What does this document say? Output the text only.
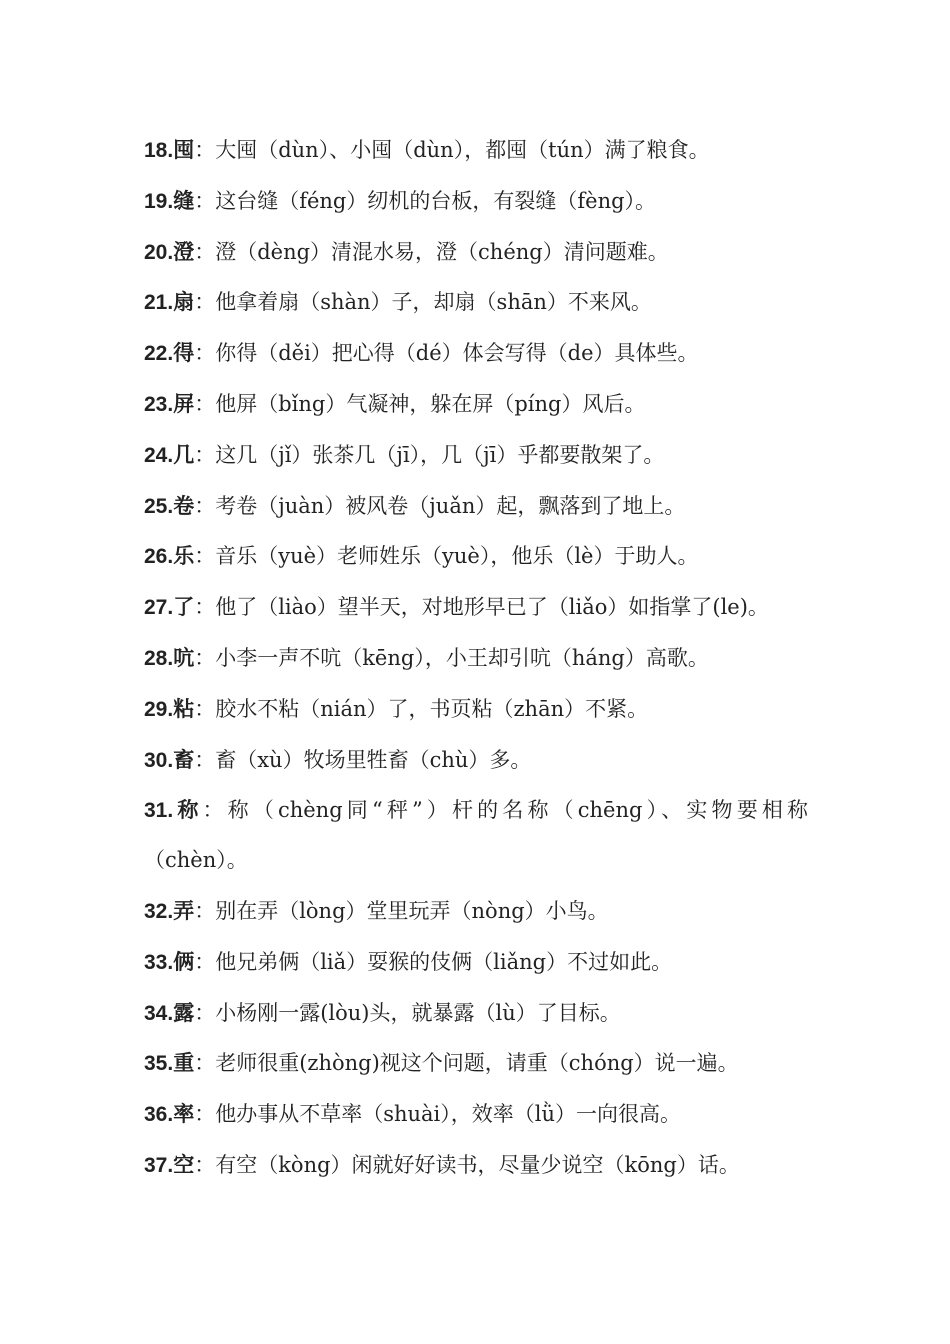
18.囤：大囤（dùn）、小囤（dùn），都囤（tún）满了粮食。

19.缝：这台缝（féng）纫机的台板，有裂缝（fèng）。

20.澄：澄（dèng）清混水易，澄（chéng）清问题难。

21.扇：他拿着扇（shàn）子，却扇（shān）不来风。

22.得：你得（děi）把心得（dé）体会写得（de）具体些。

23.屏：他屏（bǐng）气凝神，躲在屏（píng）风后。

24.几：这几（jǐ）张茶几（jī），几（jī）乎都要散架了。

25.卷：考卷（juàn）被风卷（juǎn）起，飘落到了地上。

26.乐：音乐（yuè）老师姓乐（yuè），他乐（lè）于助人。

27.了：他了（liào）望半天，对地形早已了（liǎo）如指掌了(le)。

28.吭：小李一声不吭（kēng），小王却引吭（háng）高歌。

29.粘：胶水不粘（nián）了，书页粘（zhān）不紧。

30.畜：畜（xù）牧场里牲畜（chù）多。

31.称：称（chèng同“秤”）杆的名称（chēng）、实物要相称（chèn）。

32.弄：别在弄（lòng）堂里玩弄（nòng）小鸟。

33.俩：他兄弟俩（liǎ）耍猴的伎俩（liǎng）不过如此。

34.露：小杨刚一露(lòu)头，就暴露（lù）了目标。

35.重：老师很重(zhòng)视这个问题，请重（chóng）说一遍。

36.率：他办事从不草率（shuài），效率（lǜ）一向很高。

37.空：有空（kòng）闲就好好读书，尽量少说空（kōng）话。
